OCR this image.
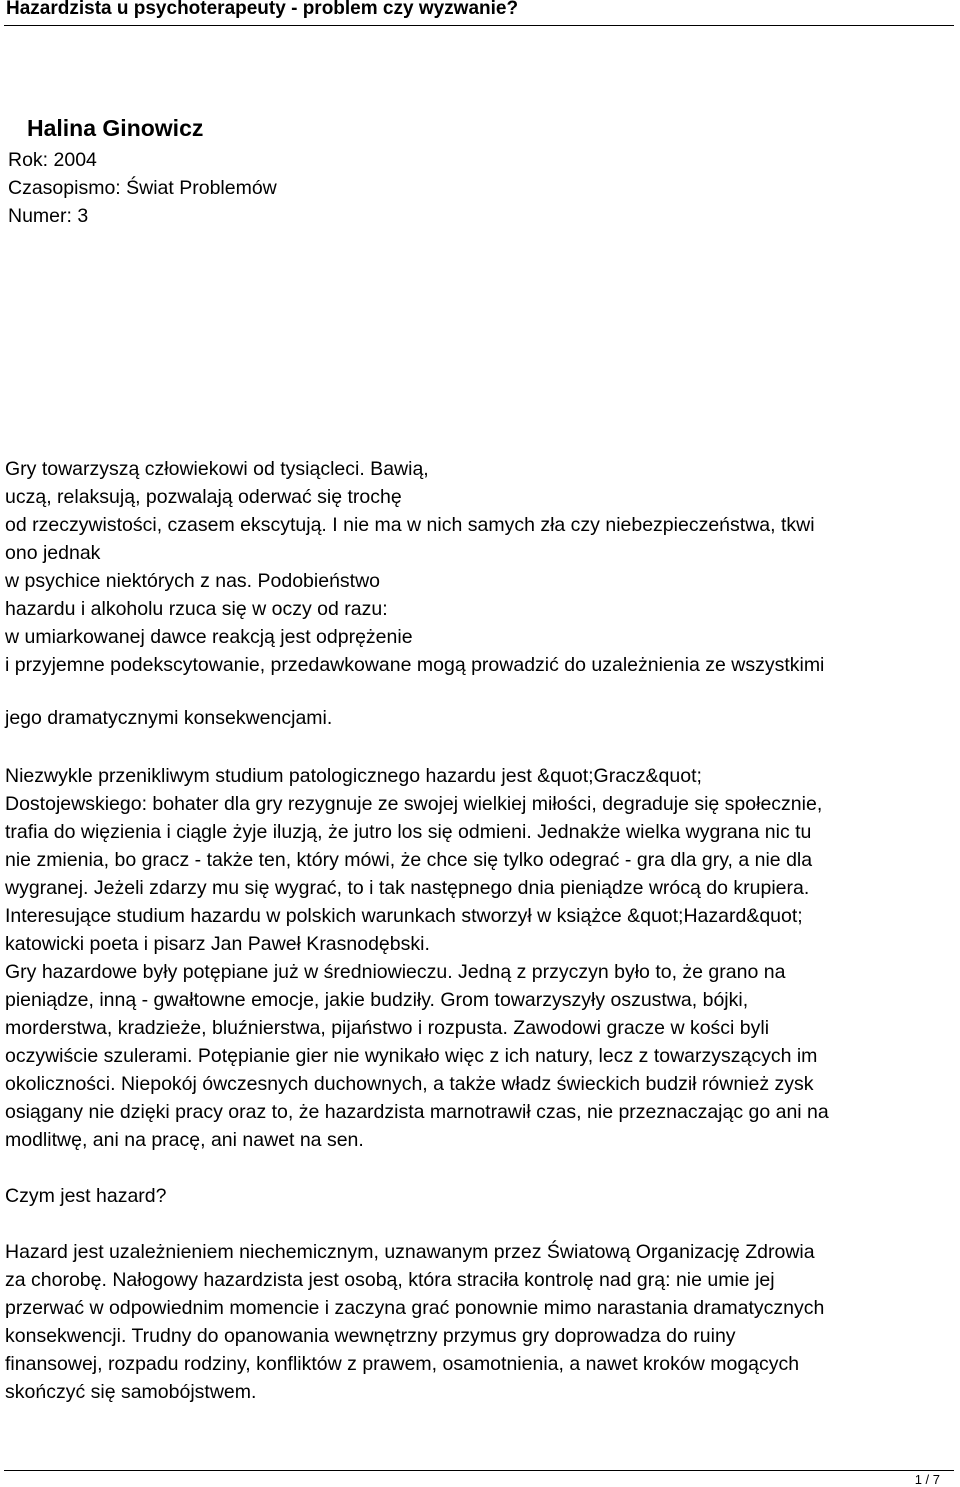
Hazardzista u psychoterapeuty - problem czy wyzwanie?
Halina Ginowicz
Rok: 2004
Czasopismo: Świat Problemów
Numer: 3
Gry towarzyszą człowiekowi od tysiącleci. Bawią,
uczą, relaksują, pozwalają oderwać się trochę
od rzeczywistości, czasem ekscytują. I nie ma w nich samych zła czy niebezpieczeństwa, tkwi
ono jednak
w psychice niektórych z nas. Podobieństwo
hazardu i alkoholu rzuca się w oczy od razu:
w umiarkowanej dawce reakcją jest odprężenie
i przyjemne podekscytowanie, przedawkowane mogą prowadzić do uzależnienia ze wszystkimi
jego dramatycznymi konsekwencjami.
Niezwykle przenikliwym studium patologicznego hazardu jest &quot;Gracz&quot;
Dostojewskiego: bohater dla gry rezygnuje ze swojej wielkiej miłości, degraduje się społecznie,
trafia do więzienia i ciągle żyje iluzją, że jutro los się odmieni. Jednakże wielka wygrana nic tu
nie zmienia, bo gracz - także ten, który mówi, że chce się tylko odegrać - gra dla gry, a nie dla
wygranej. Jeżeli zdarzy mu się wygrać, to i tak następnego dnia pieniądze wrócą do krupiera.
Interesujące studium hazardu w polskich warunkach stworzył w książce &quot;Hazard&quot;
katowicki poeta i pisarz Jan Paweł Krasnodębski.
Gry hazardowe były potępiane już w średniowieczu. Jedną z przyczyn było to, że grano na
pieniądze, inną - gwałtowne emocje, jakie budziły. Grom towarzyszyły oszustwa, bójki,
morderstwa, kradzieże, bluźnierstwa, pijaństwo i rozpusta. Zawodowi gracze w kości byli
oczywiście szulerami. Potępianie gier nie wynikało więc z ich natury, lecz z towarzyszących im
okoliczności. Niepokój ówczesnych duchownych, a także władz świeckich budził również zysk
osiągany nie dzięki pracy oraz to, że hazardzista marnotrawił czas, nie przeznaczając go ani na
modlitwę, ani na pracę, ani nawet na sen.
Czym jest hazard?
Hazard jest uzależnieniem niechemicznym, uznawanym przez Światową Organizację Zdrowia
za chorobę. Nałogowy hazardzista jest osobą, która straciła kontrolę nad grą: nie umie jej
przerwać w odpowiednim momencie i zaczyna grać ponownie mimo narastania dramatycznych
konsekwencji. Trudny do opanowania wewnętrzny przymus gry doprowadza do ruiny
finansowej, rozpadu rodziny, konfliktów z prawem, osamotnienia, a nawet kroków mogących
skończyć się samobójstwem.
1 / 7
